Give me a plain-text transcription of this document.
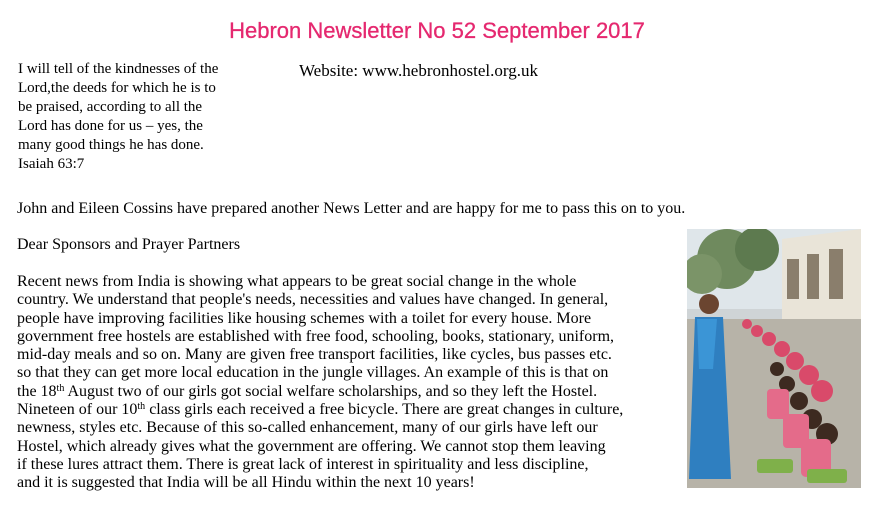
Hebron Newsletter No 52 September 2017
I will tell of the kindnesses of the
Lord,the deeds for which he is to
be praised, according to all the
Lord has done for us – yes, the
many good things he has done.
Isaiah 63:7
Website: www.hebronhostel.org.uk

John and Eileen Cossins have prepared another News Letter and are happy for me to pass this on to you.

Dear Sponsors and Prayer Partners

Recent news from India is showing what appears to be great social change in the whole
country. We understand that people's needs, necessities and values have changed. In general,
people have improving facilities like housing schemes with a toilet for every house. More
government free hostels are established with free food, schooling, books, stationary, uniform,
mid-day meals and so on. Many are given free transport facilities, like cycles, bus passes etc.
so that they can get more local education in the jungle villages. An example of this is that on
the 18th August two of our girls got social welfare scholarships, and so they left the Hostel.
Nineteen of our 10th class girls each received a free bicycle. There are great changes in culture,
newness, styles etc. Because of this so-called enhancement, many of our girls have left our
Hostel, which already gives what the government are offering. We cannot stop them leaving
if these lures attract them. There is great lack of interest in spirituality and less discipline,
and it is suggested that India will be all Hindu within the next 10 years!
